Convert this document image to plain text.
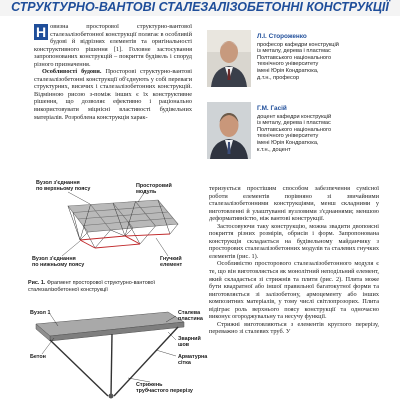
СТРУКТУРНО-ВАНТОВІ СТАЛЕЗАЛІЗОБЕТОННІ КОНСТРУКЦІЇ

Н овизна просторової структурно-вантової сталезалізобетонної конструкції полягає в особливій будові й відрізнях елементів та оригінальності конструктивного рішення [1]. Головне застосування запропонованих конструкцій – покриття будівель і споруд різного призначення.

Особливості будови. Просторові структурно-вантові сталезалізобетонні конструкції об'єднують у собі переваги структурних, висячих і сталезалізобетонних конструкцій. Відмінною рисою з-поміж інших є їх конструктивне рішення, що дозволяє ефективно і раціонально використовувати міцнісні властивості будівельних матеріалів. Розроблена конструкція харак-

Л.І. Стороженко
професор кафедри конструкцій
із металу, дерева і пластмас
Полтавського національного
технічного університету
імені Юрія Кондратюка,
д.т.н., професор
Г.М. Гасій
доцент кафедри конструкцій
із металу, дерева і пластмас
Полтавського національного
технічного університету
імені Юрія Кондратюка,
к.т.н., доцент
Вузол з'єднання по верхньому поясу	Просторовий модуль
Вузол з'єднання по нижньому поясу
Гнучкий елемент
Рис. 1. Фрагмент просторової структурно-вантової сталезалізобетонної конструкції
Вузол 1	Сталева пластина
Бетон
Зварний шов
Арматурна сітка
Стрижень трубчастого перерізу

теризується простішим способом забезпечення сумісної роботи елементів порівняно зі звичайними сталезалізобетонними конструкціями, менш складними у виготовленні й улаштуванні вузловими з'єднаннями; меншою деформативністю, ніж вантові конструкції.

Застосовуючи таку конструкцію, можна звадити двопоясні покриття різних розмірів, обрисів і форм. Запропонована конструкція складається на будівельному майданчику з просторових сталезалізобетонних модулів та сталевих гнучких елементів (рис. 1).

Особливістю просторового сталезалізобетонного модуля є те, що він виготовляється як монолітний неподільний елемент, який складається зі стрижнів та плити (рис. 2). Плита може бути квадратної або іншої правильної багатокутної форми та виготовляється зі залізобетону, армоцементу або інших композитних матеріалів, у тому числі світлопрозорих. Плита відіграє роль верхнього поясу конструкції та одночасно виконує огороджувальну та несучу функції.

Стрижні виготовляються з елементів круглого перерізу, переважно зі сталевих труб. У
